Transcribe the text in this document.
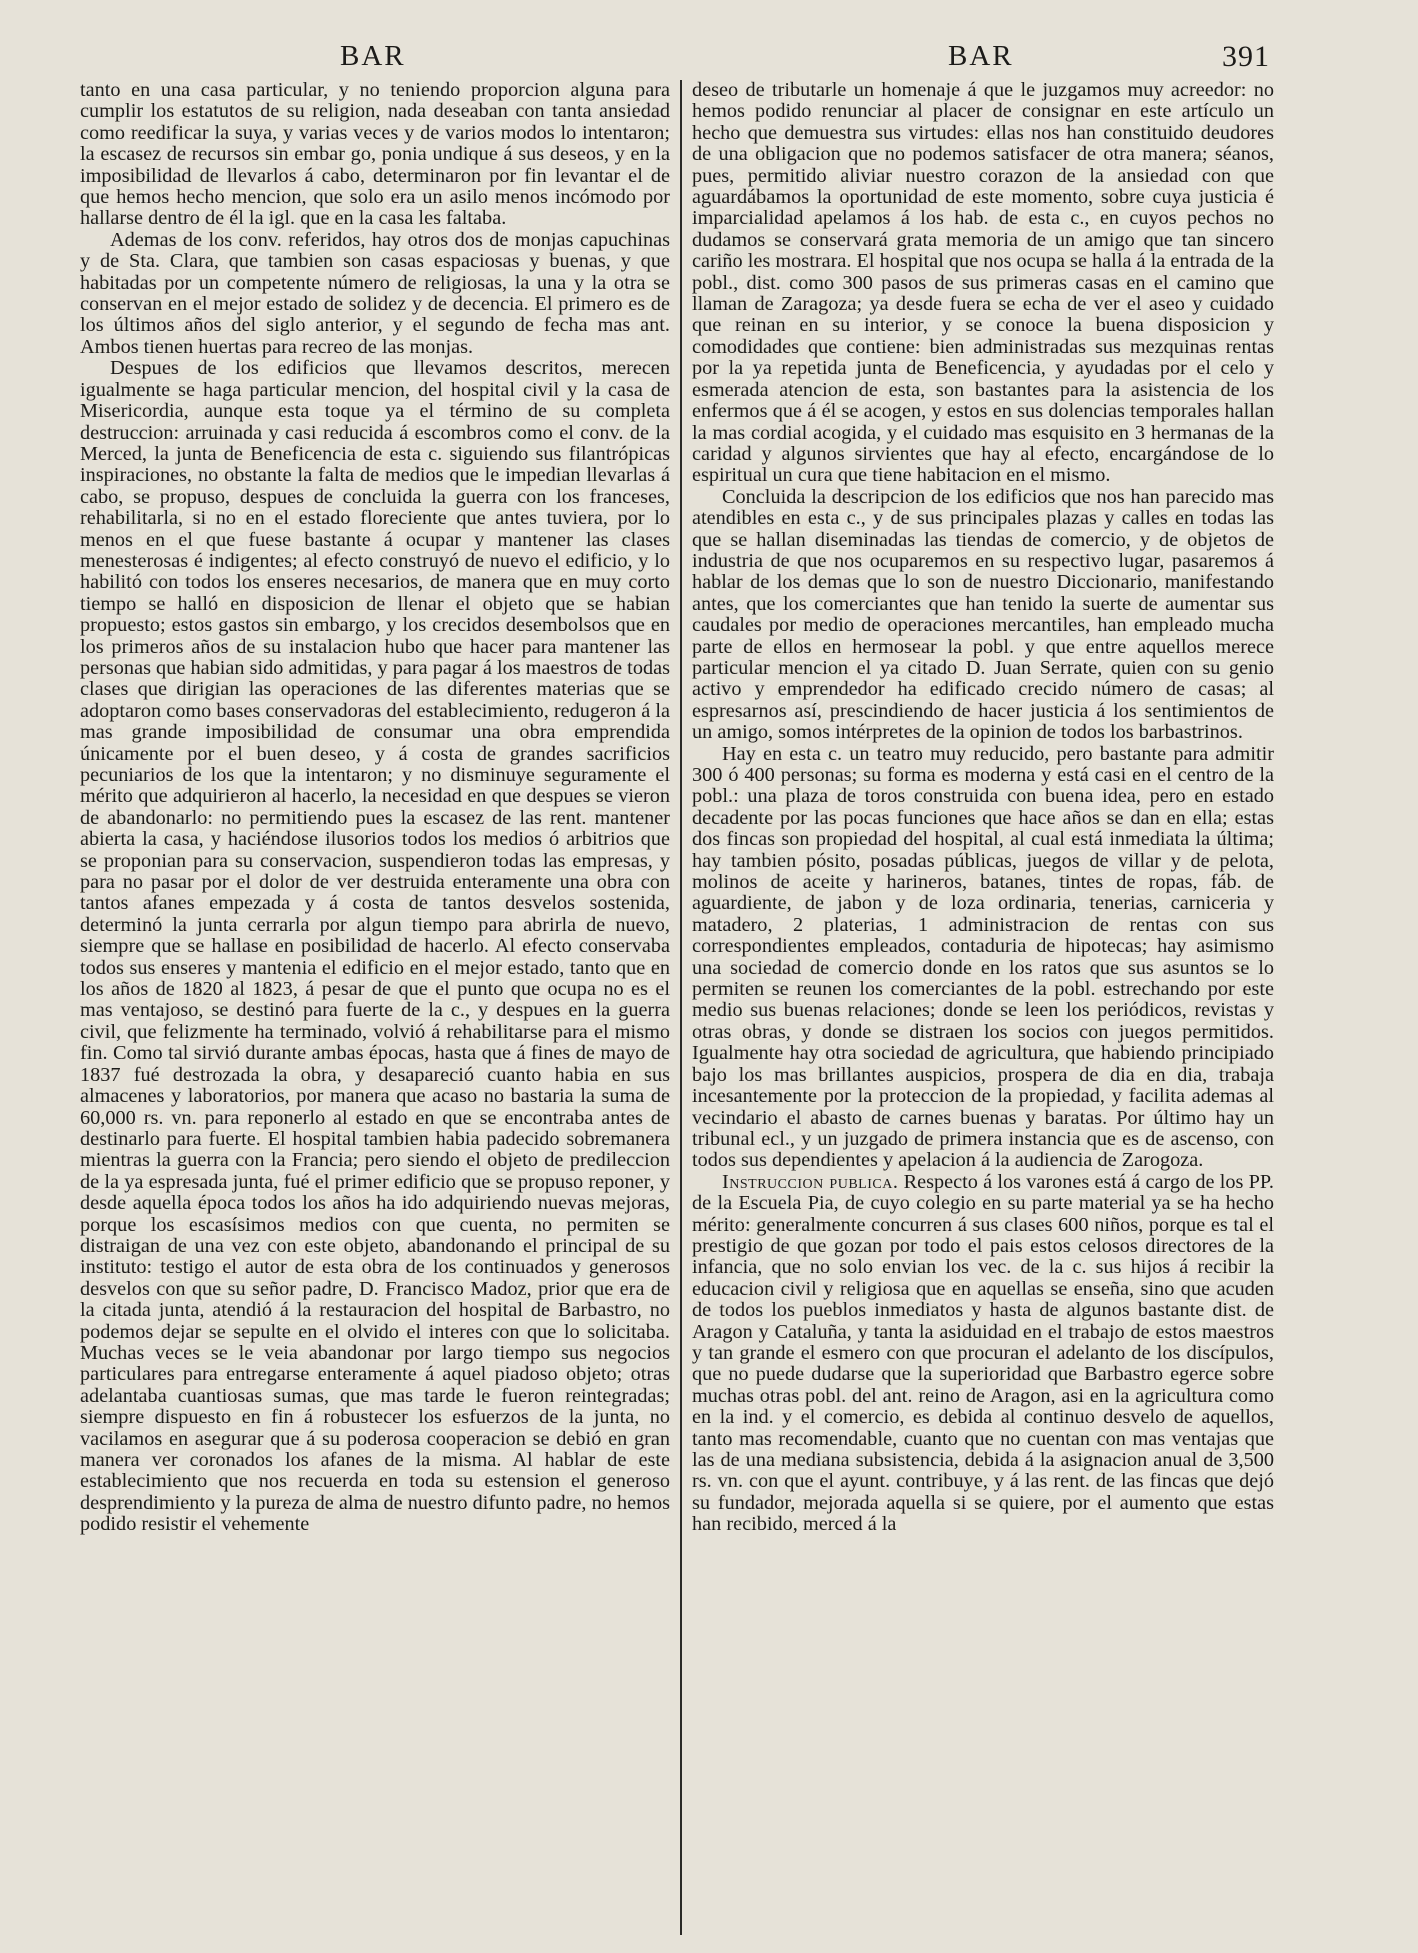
BAR	BAR	391

tanto en una casa particular, y no teniendo proporcion alguna para cumplir los estatutos de su religion, nada deseaban con tanta ansiedad como reedificar la suya, y varias veces y de varios modos lo intentaron; la escasez de recursos sin embar go, ponia undique á sus deseos, y en la imposibilidad de llevarlos á cabo, determinaron por fin levantar el de que hemos hecho mencion, que solo era un asilo menos incómodo por hallarse dentro de él la igl. que en la casa les faltaba.

Ademas de los conv. referidos, hay otros dos de monjas capuchinas y de Sta. Clara, que tambien son casas espaciosas y buenas, y que habitadas por un competente número de religiosas, la una y la otra se conservan en el mejor estado de solidez y de decencia. El primero es de los últimos años del siglo anterior, y el segundo de fecha mas ant. Ambos tienen huertas para recreo de las monjas.

Despues de los edificios que llevamos descritos, merecen igualmente se haga particular mencion, del hospital civil y la casa de Misericordia, aunque esta toque ya el término de su completa destruccion: arruinada y casi reducida á escombros como el conv. de la Merced, la junta de Beneficencia de esta c. siguiendo sus filantrópicas inspiraciones, no obstante la falta de medios que le impedian llevarlas á cabo, se propuso, despues de concluida la guerra con los franceses, rehabilitarla, si no en el estado floreciente que antes tuviera, por lo menos en el que fuese bastante á ocupar y mantener las clases menesterosas é indigentes; al efecto construyó de nuevo el edificio, y lo habilitó con todos los enseres necesarios, de manera que en muy corto tiempo se halló en disposicion de llenar el objeto que se habian propuesto; estos gastos sin embargo, y los crecidos desembolsos que en los primeros años de su instalacion hubo que hacer para mantener las personas que habian sido admitidas, y para pagar á los maestros de todas clases que dirigian las operaciones de las diferentes materias que se adoptaron como bases conservadoras del establecimiento, redugeron á la mas grande imposibilidad de consumar una obra emprendida únicamente por el buen deseo, y á costa de grandes sacrificios pecuniarios de los que la intentaron; y no disminuye seguramente el mérito que adquirieron al hacerlo, la necesidad en que despues se vieron de abandonarlo: no permitiendo pues la escasez de las rent. mantener abierta la casa, y haciéndose ilusorios todos los medios ó arbitrios que se proponian para su conservacion, suspendieron todas las empresas, y para no pasar por el dolor de ver destruida enteramente una obra con tantos afanes empezada y á costa de tantos desvelos sostenida, determinó la junta cerrarla por algun tiempo para abrirla de nuevo, siempre que se hallase en posibilidad de hacerlo. Al efecto conservaba todos sus enseres y mantenia el edificio en el mejor estado, tanto que en los años de 1820 al 1823, á pesar de que el punto que ocupa no es el mas ventajoso, se destinó para fuerte de la c., y despues en la guerra civil, que felizmente ha terminado, volvió á rehabilitarse para el mismo fin. Como tal sirvió durante ambas épocas, hasta que á fines de mayo de 1837 fué destrozada la obra, y desapareció cuanto habia en sus almacenes y laboratorios, por manera que acaso no bastaria la suma de 60,000 rs. vn. para reponerlo al estado en que se encontraba antes de destinarlo para fuerte. El hospital tambien habia padecido sobremanera mientras la guerra con la Francia; pero siendo el objeto de predileccion de la ya espresada junta, fué el primer edificio que se propuso reponer, y desde aquella época todos los años ha ido adquiriendo nuevas mejoras, porque los escasísimos medios con que cuenta, no permiten se distraigan de una vez con este objeto, abandonando el principal de su instituto: testigo el autor de esta obra de los continuados y generosos desvelos con que su señor padre, D. Francisco Madoz, prior que era de la citada junta, atendió á la restauracion del hospital de Barbastro, no podemos dejar se sepulte en el olvido el interes con que lo solicitaba. Muchas veces se le veia abandonar por largo tiempo sus negocios particulares para entregarse enteramente á aquel piadoso objeto; otras adelantaba cuantiosas sumas, que mas tarde le fueron reintegradas; siempre dispuesto en fin á robustecer los esfuerzos de la junta, no vacilamos en asegurar que á su poderosa cooperacion se debió en gran manera ver coronados los afanes de la misma. Al hablar de este establecimiento que nos recuerda en toda su estension el generoso desprendimiento y la pureza de alma de nuestro difunto padre, no hemos podido resistir el vehemente

deseo de tributarle un homenaje á que le juzgamos muy acreedor: no hemos podido renunciar al placer de consignar en este artículo un hecho que demuestra sus virtudes: ellas nos han constituido deudores de una obligacion que no podemos satisfacer de otra manera; séanos, pues, permitido aliviar nuestro corazon de la ansiedad con que aguardábamos la oportunidad de este momento, sobre cuya justicia é imparcialidad apelamos á los hab. de esta c., en cuyos pechos no dudamos se conservará grata memoria de un amigo que tan sincero cariño les mostrara. El hospital que nos ocupa se halla á la entrada de la pobl., dist. como 300 pasos de sus primeras casas en el camino que llaman de Zaragoza; ya desde fuera se echa de ver el aseo y cuidado que reinan en su interior, y se conoce la buena disposicion y comodidades que contiene: bien administradas sus mezquinas rentas por la ya repetida junta de Beneficencia, y ayudadas por el celo y esmerada atencion de esta, son bastantes para la asistencia de los enfermos que á él se acogen, y estos en sus dolencias temporales hallan la mas cordial acogida, y el cuidado mas esquisito en 3 hermanas de la caridad y algunos sirvientes que hay al efecto, encargándose de lo espiritual un cura que tiene habitacion en el mismo.

Concluida la descripcion de los edificios que nos han parecido mas atendibles en esta c., y de sus principales plazas y calles en todas las que se hallan diseminadas las tiendas de comercio, y de objetos de industria de que nos ocuparemos en su respectivo lugar, pasaremos á hablar de los demas que lo son de nuestro Diccionario, manifestando antes, que los comerciantes que han tenido la suerte de aumentar sus caudales por medio de operaciones mercantiles, han empleado mucha parte de ellos en hermosear la pobl. y que entre aquellos merece particular mencion el ya citado D. Juan Serrate, quien con su genio activo y emprendedor ha edificado crecido número de casas; al espresarnos así, prescindiendo de hacer justicia á los sentimientos de un amigo, somos intérpretes de la opinion de todos los barbastrinos.

Hay en esta c. un teatro muy reducido, pero bastante para admitir 300 ó 400 personas; su forma es moderna y está casi en el centro de la pobl.: una plaza de toros construida con buena idea, pero en estado decadente por las pocas funciones que hace años se dan en ella; estas dos fincas son propiedad del hospital, al cual está inmediata la última; hay tambien pósito, posadas públicas, juegos de villar y de pelota, molinos de aceite y harineros, batanes, tintes de ropas, fáb. de aguardiente, de jabon y de loza ordinaria, tenerias, carniceria y matadero, 2 platerias, 1 administracion de rentas con sus correspondientes empleados, contaduria de hipotecas; hay asimismo una sociedad de comercio donde en los ratos que sus asuntos se lo permiten se reunen los comerciantes de la pobl. estrechando por este medio sus buenas relaciones; donde se leen los periódicos, revistas y otras obras, y donde se distraen los socios con juegos permitidos. Igualmente hay otra sociedad de agricultura, que habiendo principiado bajo los mas brillantes auspicios, prospera de dia en dia, trabaja incesantemente por la proteccion de la propiedad, y facilita ademas al vecindario el abasto de carnes buenas y baratas. Por último hay un tribunal ecl., y un juzgado de primera instancia que es de ascenso, con todos sus dependientes y apelacion á la audiencia de Zarogoza.

Instruccion publica. Respecto á los varones está á cargo de los PP. de la Escuela Pia, de cuyo colegio en su parte material ya se ha hecho mérito: generalmente concurren á sus clases 600 niños, porque es tal el prestigio de que gozan por todo el pais estos celosos directores de la infancia, que no solo envian los vec. de la c. sus hijos á recibir la educacion civil y religiosa que en aquellas se enseña, sino que acuden de todos los pueblos inmediatos y hasta de algunos bastante dist. de Aragon y Cataluña, y tanta la asiduidad en el trabajo de estos maestros y tan grande el esmero con que procuran el adelanto de los discípulos, que no puede dudarse que la superioridad que Barbastro egerce sobre muchas otras pobl. del ant. reino de Aragon, asi en la agricultura como en la ind. y el comercio, es debida al continuo desvelo de aquellos, tanto mas recomendable, cuanto que no cuentan con mas ventajas que las de una mediana subsistencia, debida á la asignacion anual de 3,500 rs. vn. con que el ayunt. contribuye, y á las rent. de las fincas que dejó su fundador, mejorada aquella si se quiere, por el aumento que estas han recibido, merced á la
